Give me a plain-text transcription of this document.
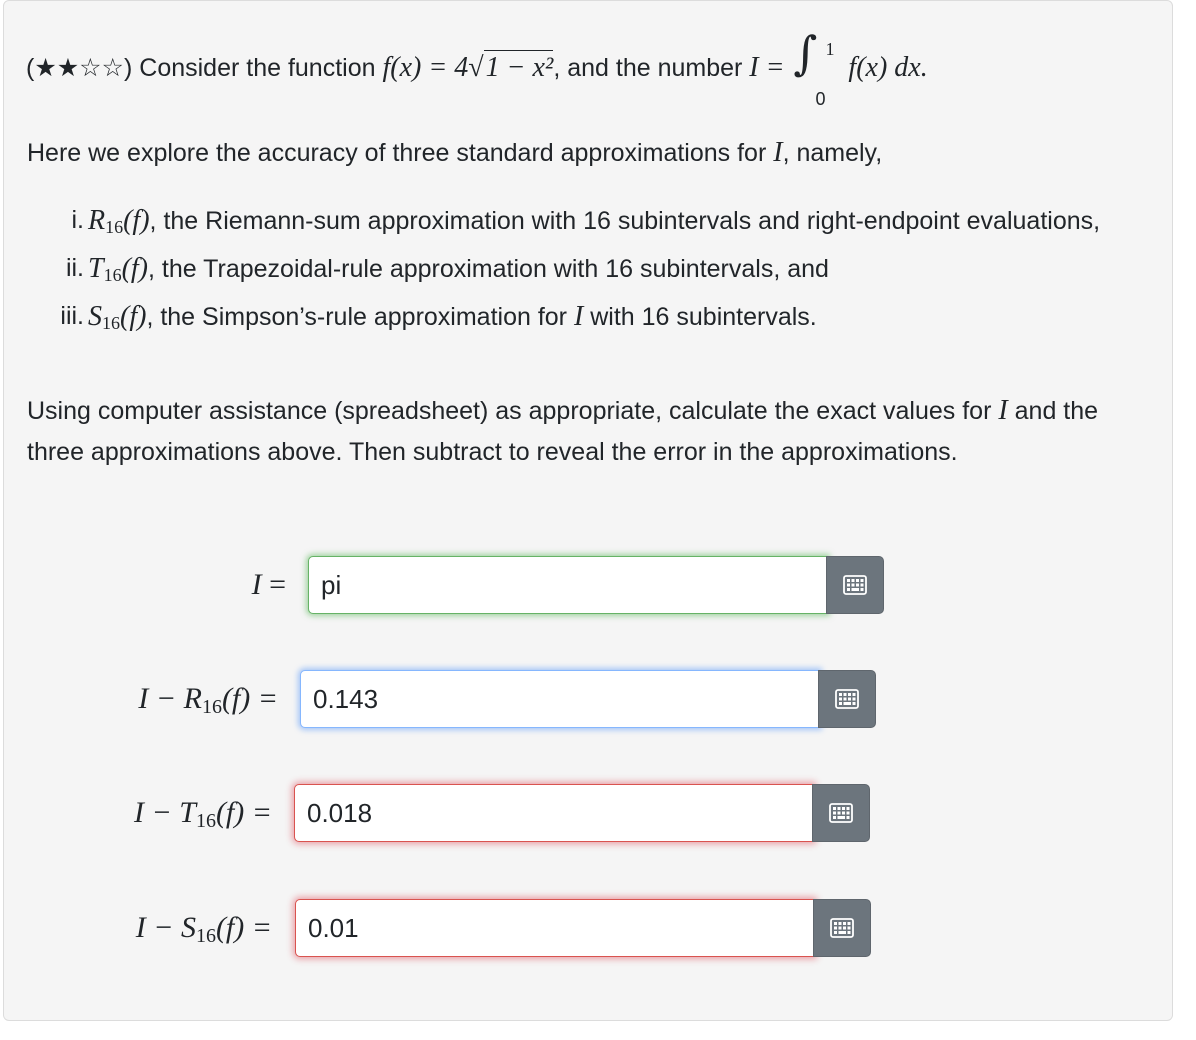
(★★☆☆) Consider the function f(x) = 4√1 − x², and the number I = ∫ 1
0
f(x) dx.
Here we explore the accuracy of three standard approximations for I, namely,
i. $R_{16}(f)$, the Riemann-sum approximation with 16 subintervals and right-endpoint evaluations,
ii. $T_{16}(f)$, the Trapezoidal-rule approximation with 16 subintervals, and
iii. $S_{16}(f)$, the Simpson’s-rule approximation for I with 16 subintervals.
Using computer assistance (spreadsheet) as appropriate, calculate the exact values for I and the three approximations above. Then subtract to reveal the error in the approximations.
I =
pi
I − R16(f) =
0.143
I − T16(f) =
0.018
I − S16(f) =
0.01
